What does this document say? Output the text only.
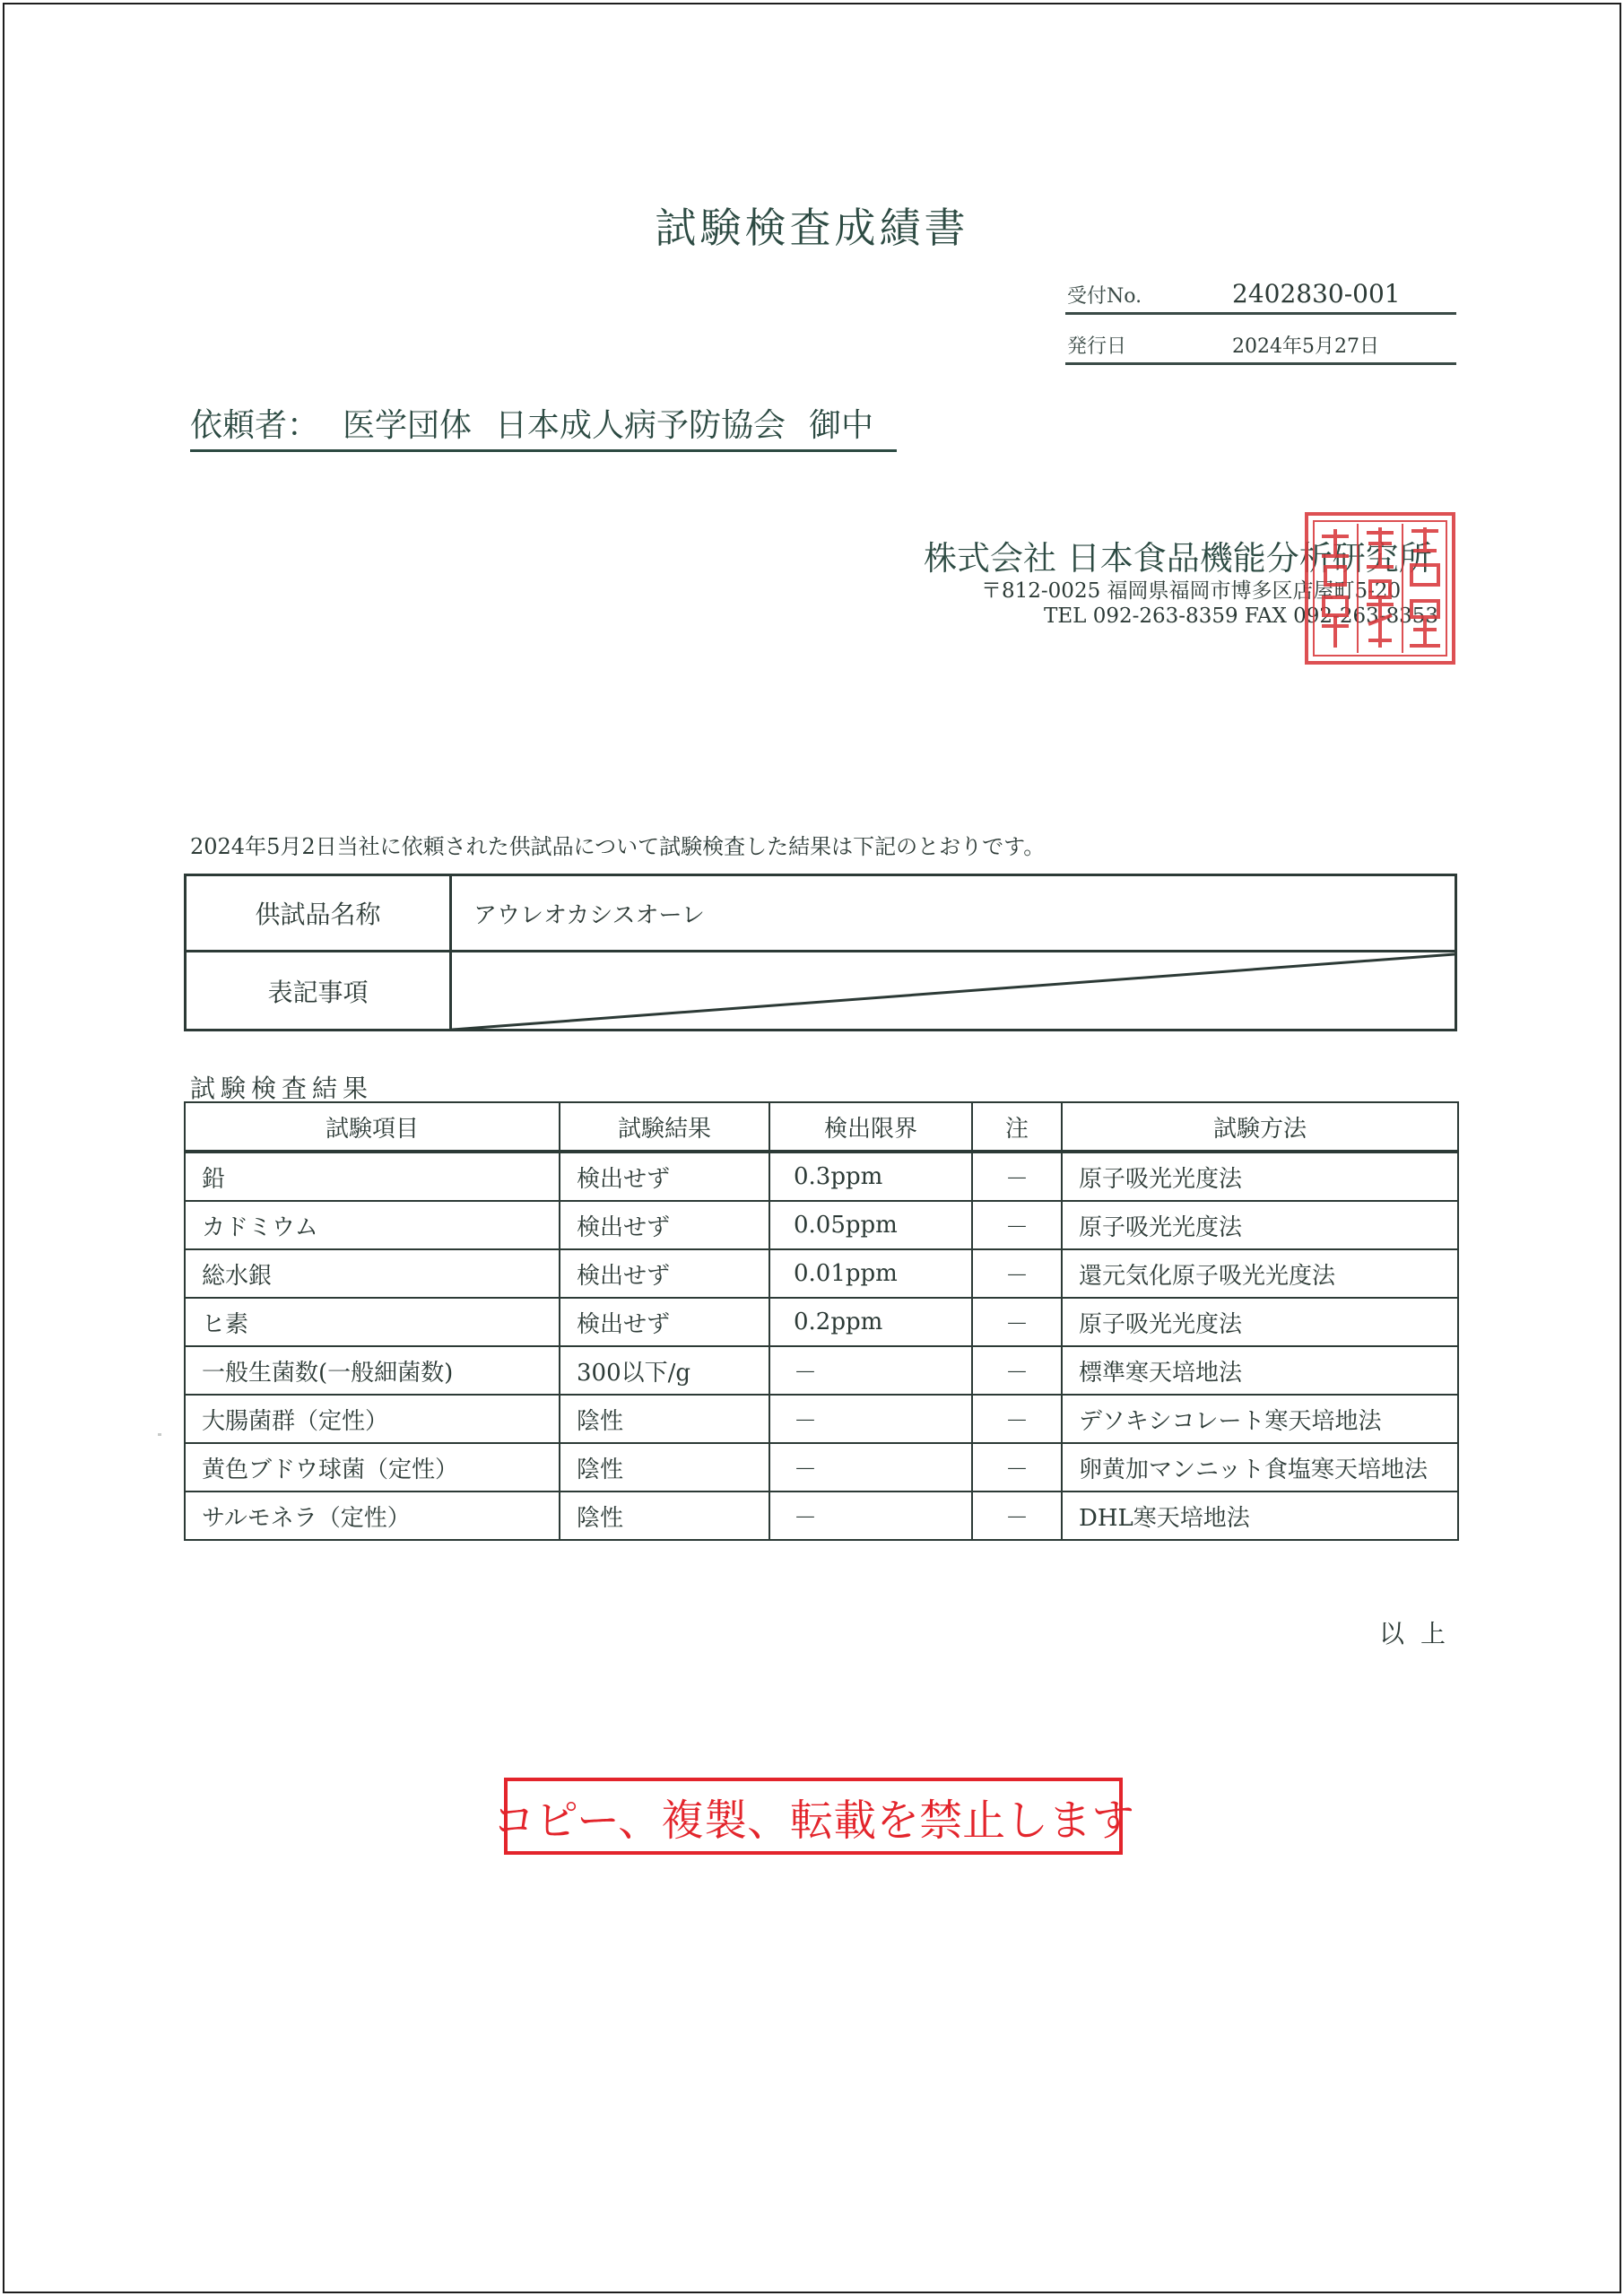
試験検査成績書
受付No.	2402830-001
発行日	2024年5月27日
依頼者： 医学団体 日本成人病予防協会 御中
株式会社 日本食品機能分析研究所
〒812-0025 福岡県福岡市博多区店屋町5-20
TEL 092-263-8359 FAX 092-263-8353
2024年5月2日当社に依頼された供試品について試験検査した結果は下記のとおりです。
供試品名称	アウレオカシスオーレ
表記事項
試験検査結果
試験項目	試験結果	検出限界	注	試験方法
鉛	検出せず	0.3ppm	－	原子吸光光度法
カドミウム	検出せず	0.05ppm	－	原子吸光光度法
総水銀	検出せず	0.01ppm	－	還元気化原子吸光光度法
ヒ素	検出せず	0.2ppm	－	原子吸光光度法
一般生菌数(一般細菌数)	300以下/g	－	－	標準寒天培地法
大腸菌群（定性）	陰性	－	－	デソキシコレート寒天培地法
黄色ブドウ球菌（定性）	陰性	－	－	卵黄加マンニット食塩寒天培地法
サルモネラ（定性）	陰性	－	－	DHL寒天培地法
以上
コピー、複製、転載を禁止します
